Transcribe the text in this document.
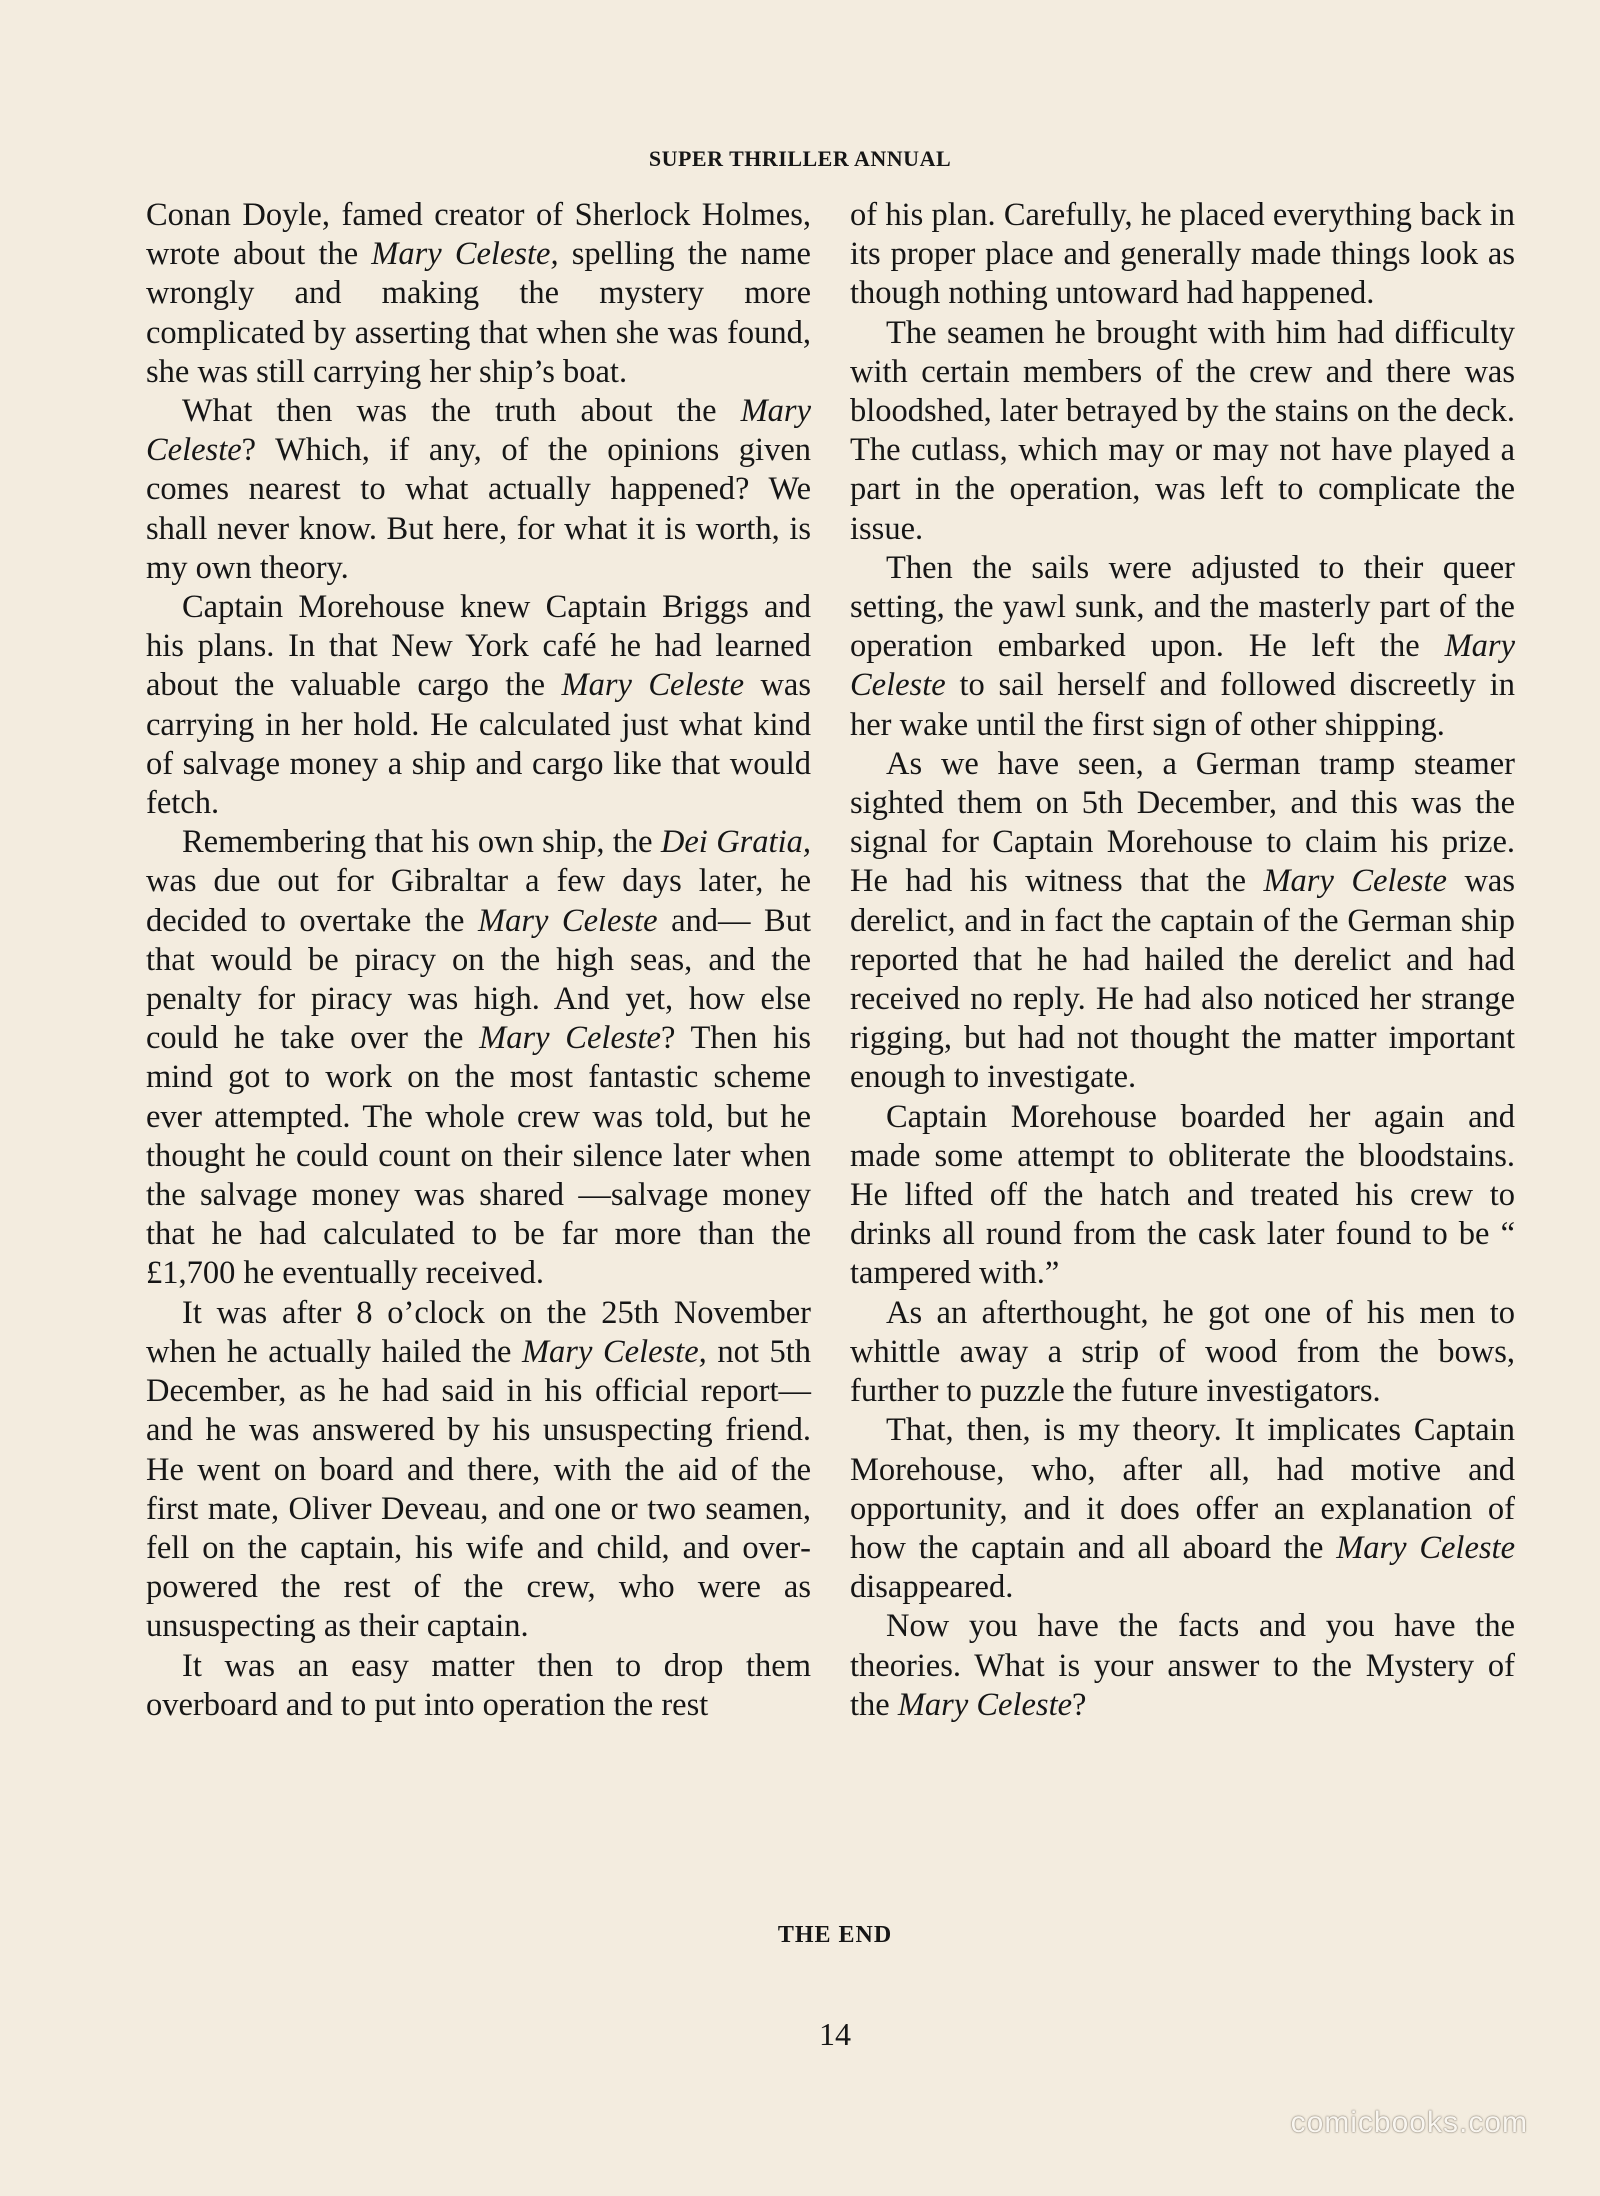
SUPER THRILLER ANNUAL

Conan Doyle, famed creator of Sherlock Holmes, wrote about the Mary Celeste, spelling the name wrongly and making the mystery more complicated by asserting that when she was found, she was still carrying her ship’s boat.

What then was the truth about the Mary Celeste? Which, if any, of the opinions given comes nearest to what actually happened? We shall never know. But here, for what it is worth, is my own theory.

Captain Morehouse knew Captain Briggs and his plans. In that New York café he had learned about the valuable cargo the Mary Celeste was carrying in her hold. He calculated just what kind of salvage money a ship and cargo like that would fetch.

Remembering that his own ship, the Dei Gratia, was due out for Gibraltar a few days later, he decided to overtake the Mary Celeste and— But that would be piracy on the high seas, and the penalty for piracy was high. And yet, how else could he take over the Mary Celeste? Then his mind got to work on the most fantastic scheme ever attempted. The whole crew was told, but he thought he could count on their silence later when the salvage money was shared —salvage money that he had calculated to be far more than the £1,700 he eventually received.

It was after 8 o’clock on the 25th November when he actually hailed the Mary Celeste, not 5th December, as he had said in his official report—and he was answered by his unsuspecting friend. He went on board and there, with the aid of the first mate, Oliver Deveau, and one or two seamen, fell on the captain, his wife and child, and overpowered the rest of the crew, who were as unsuspecting as their captain.

It was an easy matter then to drop them overboard and to put into operation the rest

of his plan. Carefully, he placed everything back in its proper place and generally made things look as though nothing untoward had happened.

The seamen he brought with him had difficulty with certain members of the crew and there was bloodshed, later betrayed by the stains on the deck. The cutlass, which may or may not have played a part in the operation, was left to complicate the issue.

Then the sails were adjusted to their queer setting, the yawl sunk, and the masterly part of the operation embarked upon. He left the Mary Celeste to sail herself and followed discreetly in her wake until the first sign of other shipping.

As we have seen, a German tramp steamer sighted them on 5th December, and this was the signal for Captain Morehouse to claim his prize. He had his witness that the Mary Celeste was derelict, and in fact the captain of the German ship reported that he had hailed the derelict and had received no reply. He had also noticed her strange rigging, but had not thought the matter important enough to investigate.

Captain Morehouse boarded her again and made some attempt to obliterate the bloodstains. He lifted off the hatch and treated his crew to drinks all round from the cask later found to be “ tampered with.”

As an afterthought, he got one of his men to whittle away a strip of wood from the bows, further to puzzle the future investigators.

That, then, is my theory. It implicates Captain Morehouse, who, after all, had motive and opportunity, and it does offer an explanation of how the captain and all aboard the Mary Celeste disappeared.

Now you have the facts and you have the theories. What is your answer to the Mystery of the Mary Celeste?

THE END
14
comicbooks.com
